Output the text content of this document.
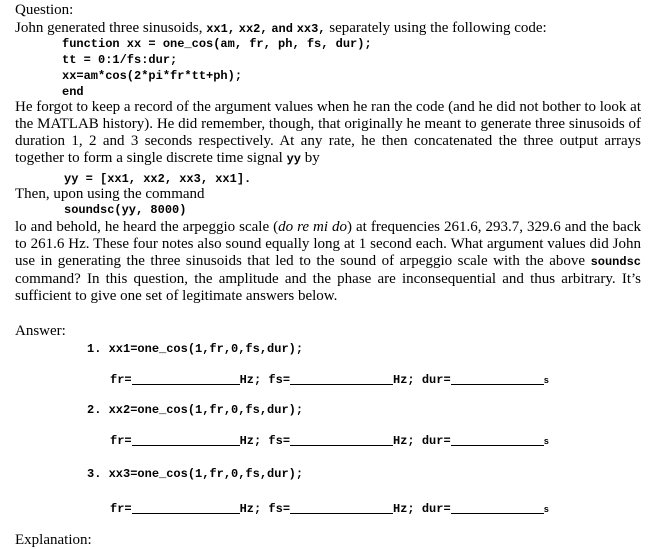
Question:
John generated three sinusoids, xx1, xx2, and xx3, separately using the following code:
function xx = one_cos(am, fr, ph, fs, dur);
tt = 0:1/fs:dur;
xx=am*cos(2*pi*fr*tt+ph);
end
He forgot to keep a record of the argument values when he ran the code (and he did not bother to look at the MATLAB history). He did remember, though, that originally he meant to generate three sinusoids of duration 1, 2 and 3 seconds respectively. At any rate, he then concatenated the three output arrays together to form a single discrete time signal yy by
yy = [xx1, xx2, xx3, xx1].
Then, upon using the command
soundsc(yy, 8000)
lo and behold, he heard the arpeggio scale (do re mi do) at frequencies 261.6, 293.7, 329.6 and the back to 261.6 Hz. These four notes also sound equally long at 1 second each. What argument values did John use in generating the three sinusoids that led to the sound of arpeggio scale with the above soundsc command? In this question, the amplitude and the phase are inconsequential and thus arbitrary. It’s sufficient to give one set of legitimate answers below.
Answer:
1. xx1=one_cos(1,fr,0,fs,dur);
fr=	Hz; fs=	Hz; dur=	s
2. xx2=one_cos(1,fr,0,fs,dur);
fr=	Hz; fs=	Hz; dur=	s
3. xx3=one_cos(1,fr,0,fs,dur);
fr=	Hz; fs=	Hz; dur=	s
Explanation:
